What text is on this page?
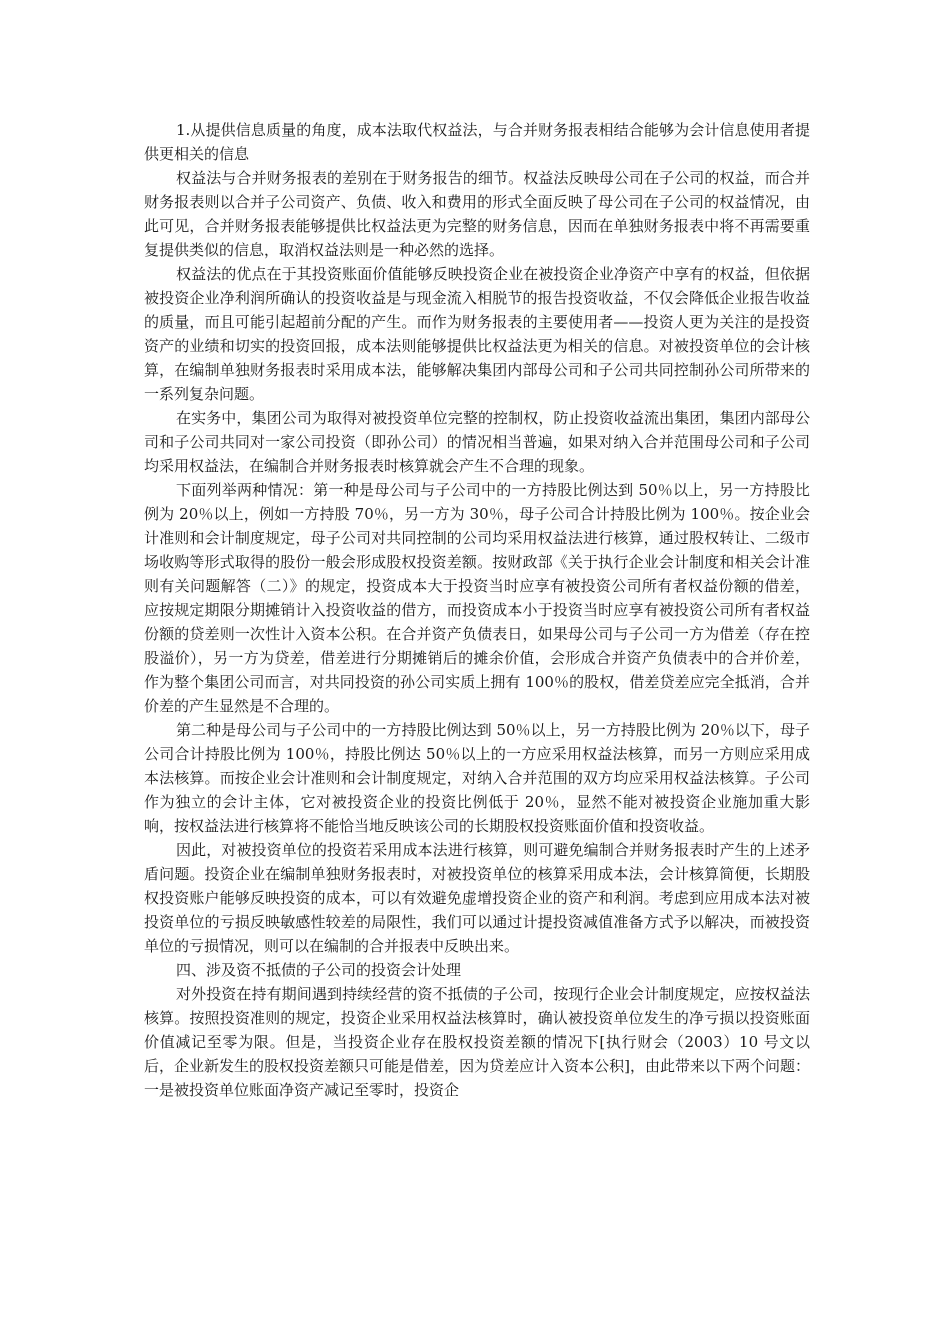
1.从提供信息质量的角度，成本法取代权益法，与合并财务报表相结合能够为会计信息使用者提供更相关的信息

权益法与合并财务报表的差别在于财务报告的细节。权益法反映母公司在子公司的权益，而合并财务报表则以合并子公司资产、负债、收入和费用的形式全面反映了母公司在子公司的权益情况，由此可见，合并财务报表能够提供比权益法更为完整的财务信息，因而在单独财务报表中将不再需要重复提供类似的信息，取消权益法则是一种必然的选择。

权益法的优点在于其投资账面价值能够反映投资企业在被投资企业净资产中享有的权益，但依据被投资企业净利润所确认的投资收益是与现金流入相脱节的报告投资收益，不仅会降低企业报告收益的质量，而且可能引起超前分配的产生。而作为财务报表的主要使用者——投资人更为关注的是投资资产的业绩和切实的投资回报，成本法则能够提供比权益法更为相关的信息。对被投资单位的会计核算，在编制单独财务报表时采用成本法，能够解决集团内部母公司和子公司共同控制孙公司所带来的一系列复杂问题。

在实务中，集团公司为取得对被投资单位完整的控制权，防止投资收益流出集团，集团内部母公司和子公司共同对一家公司投资（即孙公司）的情况相当普遍，如果对纳入合并范围母公司和子公司均采用权益法，在编制合并财务报表时核算就会产生不合理的现象。

下面列举两种情况：第一种是母公司与子公司中的一方持股比例达到 50％以上，另一方持股比例为 20％以上，例如一方持股 70％，另一方为 30％，母子公司合计持股比例为 100％。按企业会计准则和会计制度规定，母子公司对共同控制的公司均采用权益法进行核算，通过股权转让、二级市场收购等形式取得的股份一般会形成股权投资差额。按财政部《关于执行企业会计制度和相关会计准则有关问题解答（二）》的规定，投资成本大于投资当时应享有被投资公司所有者权益份额的借差，应按规定期限分期摊销计入投资收益的借方，而投资成本小于投资当时应享有被投资公司所有者权益份额的贷差则一次性计入资本公积。在合并资产负债表日，如果母公司与子公司一方为借差（存在控股溢价），另一方为贷差，借差进行分期摊销后的摊余价值，会形成合并资产负债表中的合并价差，作为整个集团公司而言，对共同投资的孙公司实质上拥有 100％的股权，借差贷差应完全抵消，合并价差的产生显然是不合理的。

第二种是母公司与子公司中的一方持股比例达到 50％以上，另一方持股比例为 20％以下，母子公司合计持股比例为 100％，持股比例达 50％以上的一方应采用权益法核算，而另一方则应采用成本法核算。而按企业会计准则和会计制度规定，对纳入合并范围的双方均应采用权益法核算。子公司作为独立的会计主体，它对被投资企业的投资比例低于 20％，显然不能对被投资企业施加重大影响，按权益法进行核算将不能恰当地反映该公司的长期股权投资账面价值和投资收益。

因此，对被投资单位的投资若采用成本法进行核算，则可避免编制合并财务报表时产生的上述矛盾问题。投资企业在编制单独财务报表时，对被投资单位的核算采用成本法，会计核算简便，长期股权投资账户能够反映投资的成本，可以有效避免虚增投资企业的资产和利润。考虑到应用成本法对被投资单位的亏损反映敏感性较差的局限性，我们可以通过计提投资减值准备方式予以解决，而被投资单位的亏损情况，则可以在编制的合并报表中反映出来。

四、涉及资不抵债的子公司的投资会计处理

对外投资在持有期间遇到持续经营的资不抵债的子公司，按现行企业会计制度规定，应按权益法核算。按照投资准则的规定，投资企业采用权益法核算时，确认被投资单位发生的净亏损以投资账面价值减记至零为限。但是，当投资企业存在股权投资差额的情况下[执行财会（2003）10 号文以后，企业新发生的股权投资差额只可能是借差，因为贷差应计入资本公积]，由此带来以下两个问题：一是被投资单位账面净资产减记至零时，投资企
